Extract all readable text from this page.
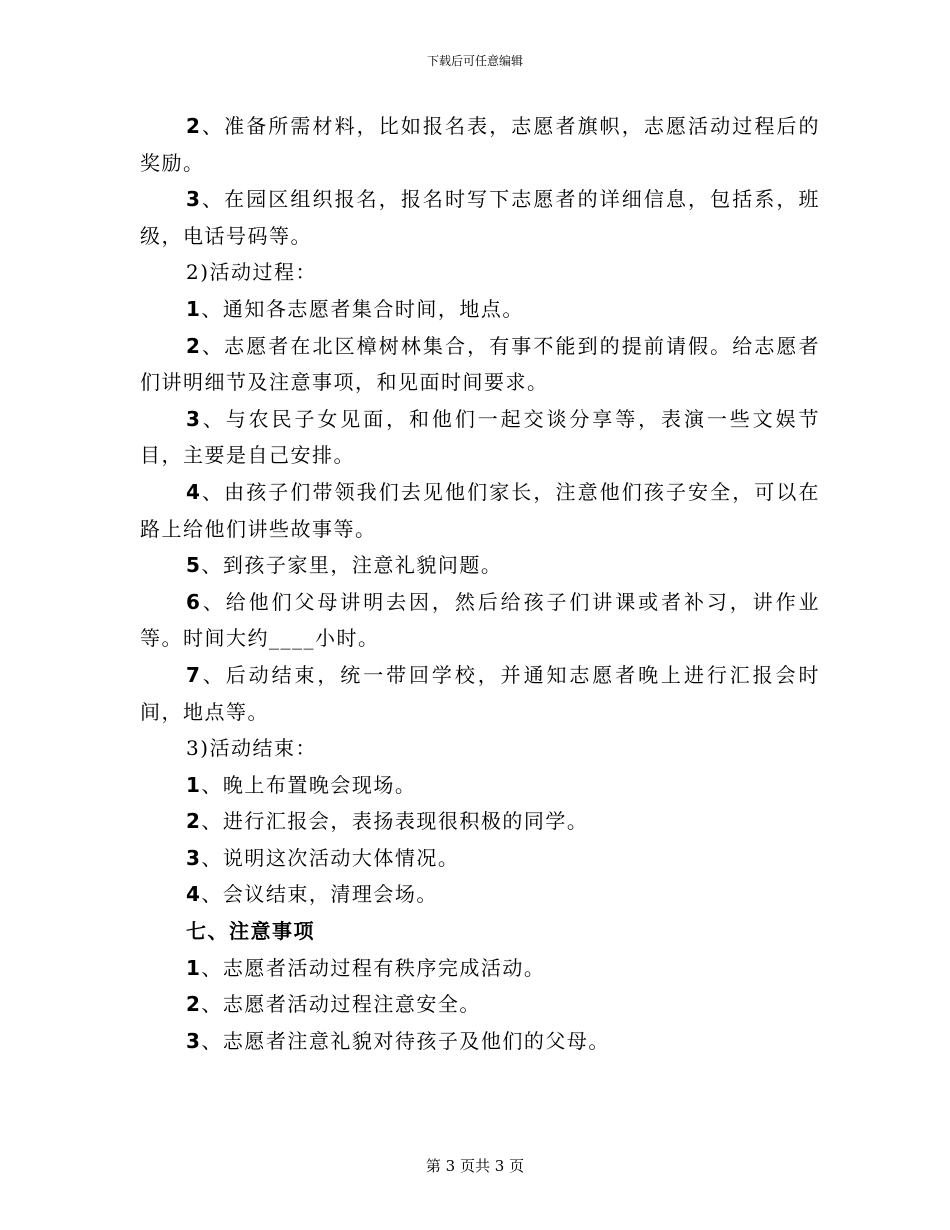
下载后可任意编辑

2、准备所需材料，比如报名表，志愿者旗帜，志愿活动过程后的奖励。

3、在园区组织报名，报名时写下志愿者的详细信息，包括系，班级，电话号码等。

2)活动过程：

1、通知各志愿者集合时间，地点。

2、志愿者在北区樟树林集合，有事不能到的提前请假。给志愿者们讲明细节及注意事项，和见面时间要求。

3、与农民子女见面，和他们一起交谈分享等，表演一些文娱节目，主要是自己安排。

4、由孩子们带领我们去见他们家长，注意他们孩子安全，可以在路上给他们讲些故事等。

5、到孩子家里，注意礼貌问题。

6、给他们父母讲明去因，然后给孩子们讲课或者补习，讲作业等。时间大约____小时。

7、后动结束，统一带回学校，并通知志愿者晚上进行汇报会时间，地点等。

3)活动结束：

1、晚上布置晚会现场。

2、进行汇报会，表扬表现很积极的同学。

3、说明这次活动大体情况。

4、会议结束，清理会场。

七、注意事项

1、志愿者活动过程有秩序完成活动。

2、志愿者活动过程注意安全。

3、志愿者注意礼貌对待孩子及他们的父母。

第 3 页共 3 页
